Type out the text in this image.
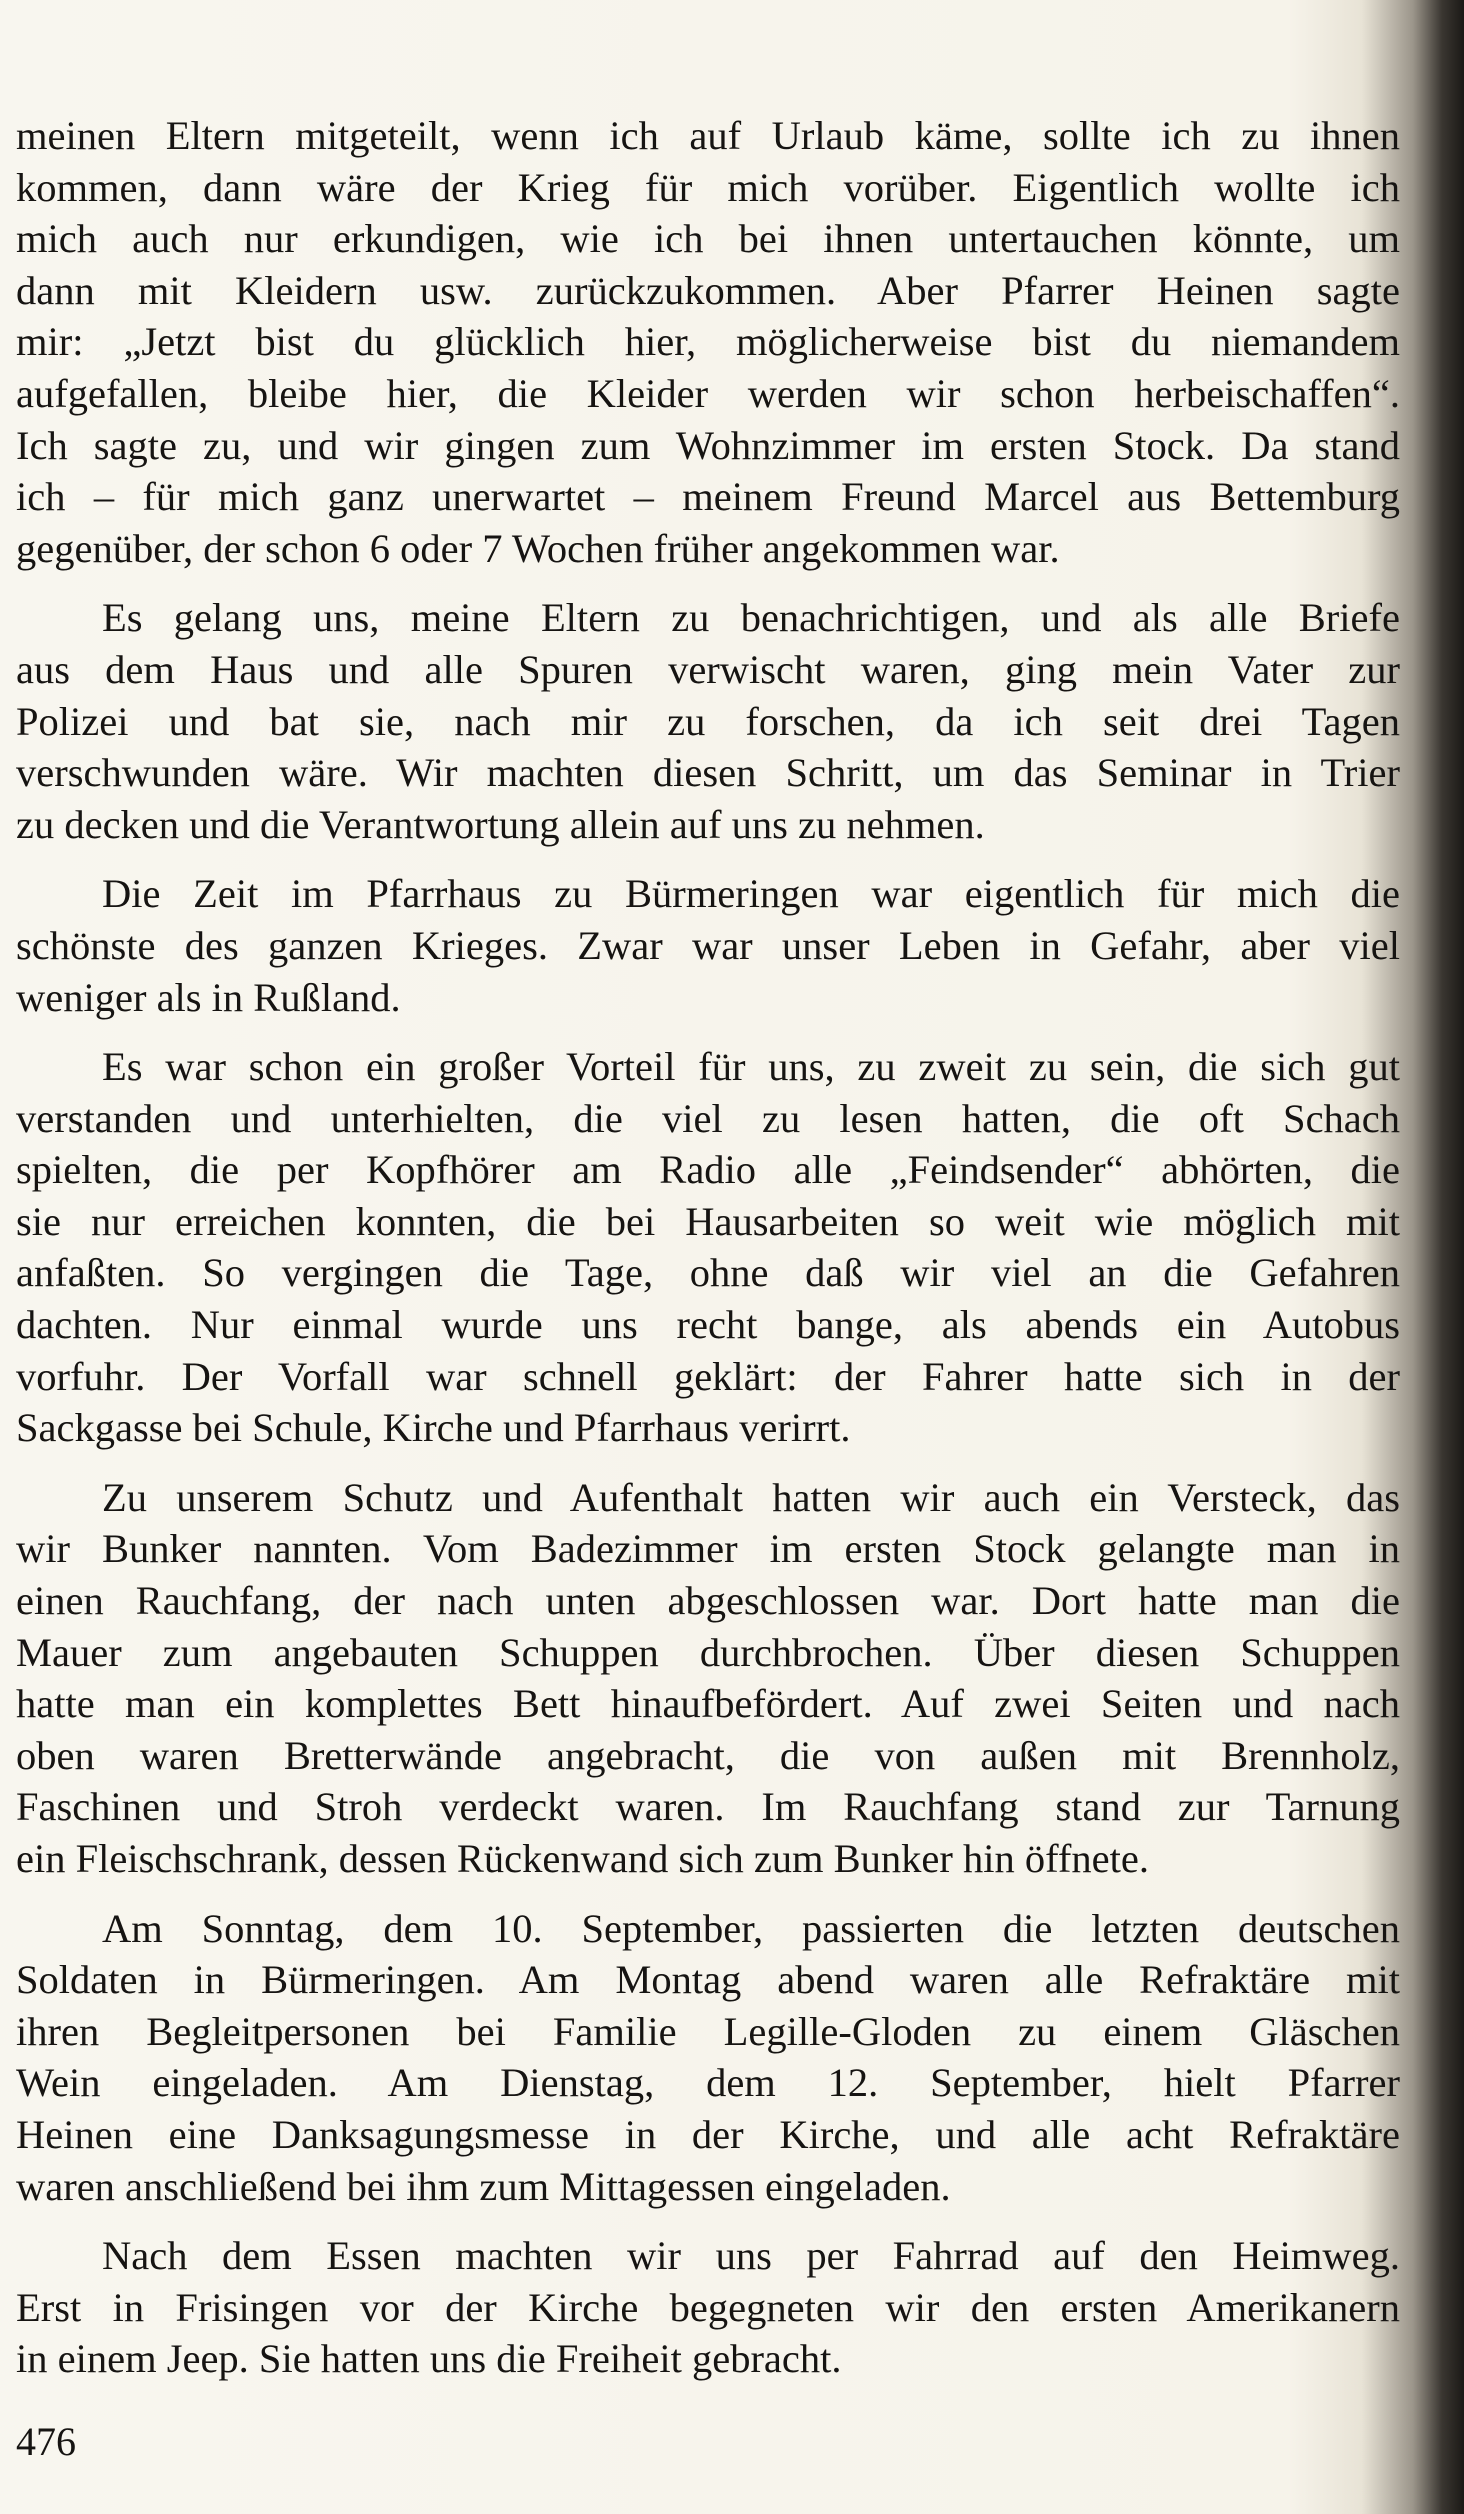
meinen Eltern mitgeteilt, wenn ich auf Urlaub käme, sollte ich zu ihnen
kommen, dann wäre der Krieg für mich vorüber. Eigentlich wollte ich
mich auch nur erkundigen, wie ich bei ihnen untertauchen könnte, um
dann mit Kleidern usw. zurückzukommen. Aber Pfarrer Heinen sagte
mir: „Jetzt bist du glücklich hier, möglicherweise bist du niemandem
aufgefallen, bleibe hier, die Kleider werden wir schon herbeischaffen“.
Ich sagte zu, und wir gingen zum Wohnzimmer im ersten Stock. Da stand
ich – für mich ganz unerwartet – meinem Freund Marcel aus Bettemburg
gegenüber, der schon 6 oder 7 Wochen früher angekommen war.

Es gelang uns, meine Eltern zu benachrichtigen, und als alle Briefe
aus dem Haus und alle Spuren verwischt waren, ging mein Vater zur
Polizei und bat sie, nach mir zu forschen, da ich seit drei Tagen
verschwunden wäre. Wir machten diesen Schritt, um das Seminar in Trier
zu decken und die Verantwortung allein auf uns zu nehmen.

Die Zeit im Pfarrhaus zu Bürmeringen war eigentlich für mich die
schönste des ganzen Krieges. Zwar war unser Leben in Gefahr, aber viel
weniger als in Rußland.

Es war schon ein großer Vorteil für uns, zu zweit zu sein, die sich gut
verstanden und unterhielten, die viel zu lesen hatten, die oft Schach
spielten, die per Kopfhörer am Radio alle „Feindsender“ abhörten, die
sie nur erreichen konnten, die bei Hausarbeiten so weit wie möglich mit
anfaßten. So vergingen die Tage, ohne daß wir viel an die Gefahren
dachten. Nur einmal wurde uns recht bange, als abends ein Autobus
vorfuhr. Der Vorfall war schnell geklärt: der Fahrer hatte sich in der
Sackgasse bei Schule, Kirche und Pfarrhaus verirrt.

Zu unserem Schutz und Aufenthalt hatten wir auch ein Versteck, das
wir Bunker nannten. Vom Badezimmer im ersten Stock gelangte man in
einen Rauchfang, der nach unten abgeschlossen war. Dort hatte man die
Mauer zum angebauten Schuppen durchbrochen. Über diesen Schuppen
hatte man ein komplettes Bett hinaufbefördert. Auf zwei Seiten und nach
oben waren Bretterwände angebracht, die von außen mit Brennholz,
Faschinen und Stroh verdeckt waren. Im Rauchfang stand zur Tarnung
ein Fleischschrank, dessen Rückenwand sich zum Bunker hin öffnete.

Am Sonntag, dem 10. September, passierten die letzten deutschen
Soldaten in Bürmeringen. Am Montag abend waren alle Refraktäre mit
ihren Begleitpersonen bei Familie Legille-Gloden zu einem Gläschen
Wein eingeladen. Am Dienstag, dem 12. September, hielt Pfarrer
Heinen eine Danksagungsmesse in der Kirche, und alle acht Refraktäre
waren anschließend bei ihm zum Mittagessen eingeladen.

Nach dem Essen machten wir uns per Fahrrad auf den Heimweg.
Erst in Frisingen vor der Kirche begegneten wir den ersten Amerikanern
in einem Jeep. Sie hatten uns die Freiheit gebracht.

476
